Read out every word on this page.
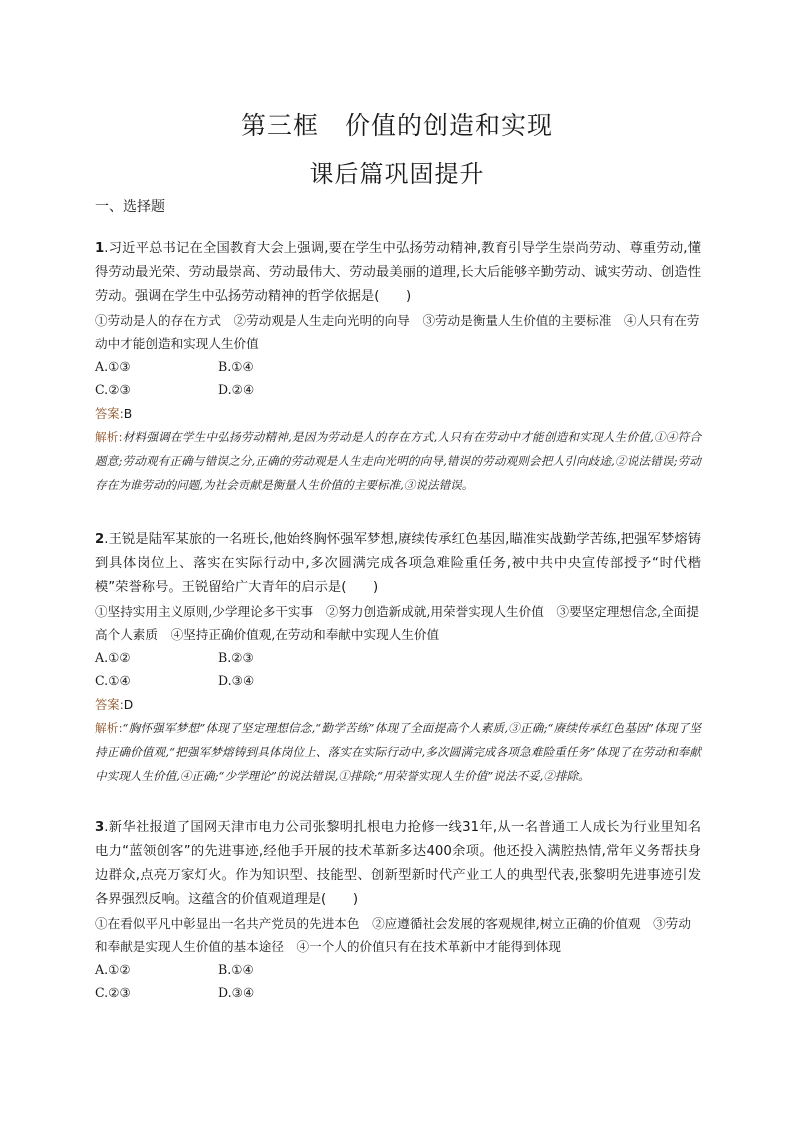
第三框　价值的创造和实现
课后篇巩固提升
一、选择题

1.习近平总书记在全国教育大会上强调,要在学生中弘扬劳动精神,教育引导学生崇尚劳动、尊重劳动,懂得劳动最光荣、劳动最崇高、劳动最伟大、劳动最美丽的道理,长大后能够辛勤劳动、诚实劳动、创造性劳动。强调在学生中弘扬劳动精神的哲学依据是(　　)

①劳动是人的存在方式　②劳动观是人生走向光明的向导　③劳动是衡量人生价值的主要标准　④人只有在劳动中才能创造和实现人生价值

A.①③	B.①④
C.②③	D.②④

答案:B

解析:材料强调在学生中弘扬劳动精神,是因为劳动是人的存在方式,人只有在劳动中才能创造和实现人生价值,①④符合题意;劳动观有正确与错误之分,正确的劳动观是人生走向光明的向导,错误的劳动观则会把人引向歧途,②说法错误;劳动存在为谁劳动的问题,为社会贡献是衡量人生价值的主要标准,③说法错误。

2.王锐是陆军某旅的一名班长,他始终胸怀强军梦想,赓续传承红色基因,瞄准实战勤学苦练,把强军梦熔铸到具体岗位上、落实在实际行动中,多次圆满完成各项急难险重任务,被中共中央宣传部授予“时代楷模”荣誉称号。王锐留给广大青年的启示是(　　)

①坚持实用主义原则,少学理论多干实事　②努力创造新成就,用荣誉实现人生价值　③要坚定理想信念,全面提高个人素质　④坚持正确价值观,在劳动和奉献中实现人生价值

A.①②	B.②③
C.①④	D.③④

答案:D

解析:“胸怀强军梦想”体现了坚定理想信念,“勤学苦练”体现了全面提高个人素质,③正确;“赓续传承红色基因”体现了坚持正确价值观,“把强军梦熔铸到具体岗位上、落实在实际行动中,多次圆满完成各项急难险重任务”体现了在劳动和奉献中实现人生价值,④正确;“少学理论”的说法错误,①排除;“用荣誉实现人生价值”说法不妥,②排除。

3.新华社报道了国网天津市电力公司张黎明扎根电力抢修一线31年,从一名普通工人成长为行业里知名电力“蓝领创客”的先进事迹,经他手开展的技术革新多达400余项。他还投入满腔热情,常年义务帮扶身边群众,点亮万家灯火。作为知识型、技能型、创新型新时代产业工人的典型代表,张黎明先进事迹引发各界强烈反响。这蕴含的价值观道理是(　　)

①在看似平凡中彰显出一名共产党员的先进本色　②应遵循社会发展的客观规律,树立正确的价值观　③劳动和奉献是实现人生价值的基本途径　④一个人的价值只有在技术革新中才能得到体现

A.①②	B.①④
C.②③	D.③④
